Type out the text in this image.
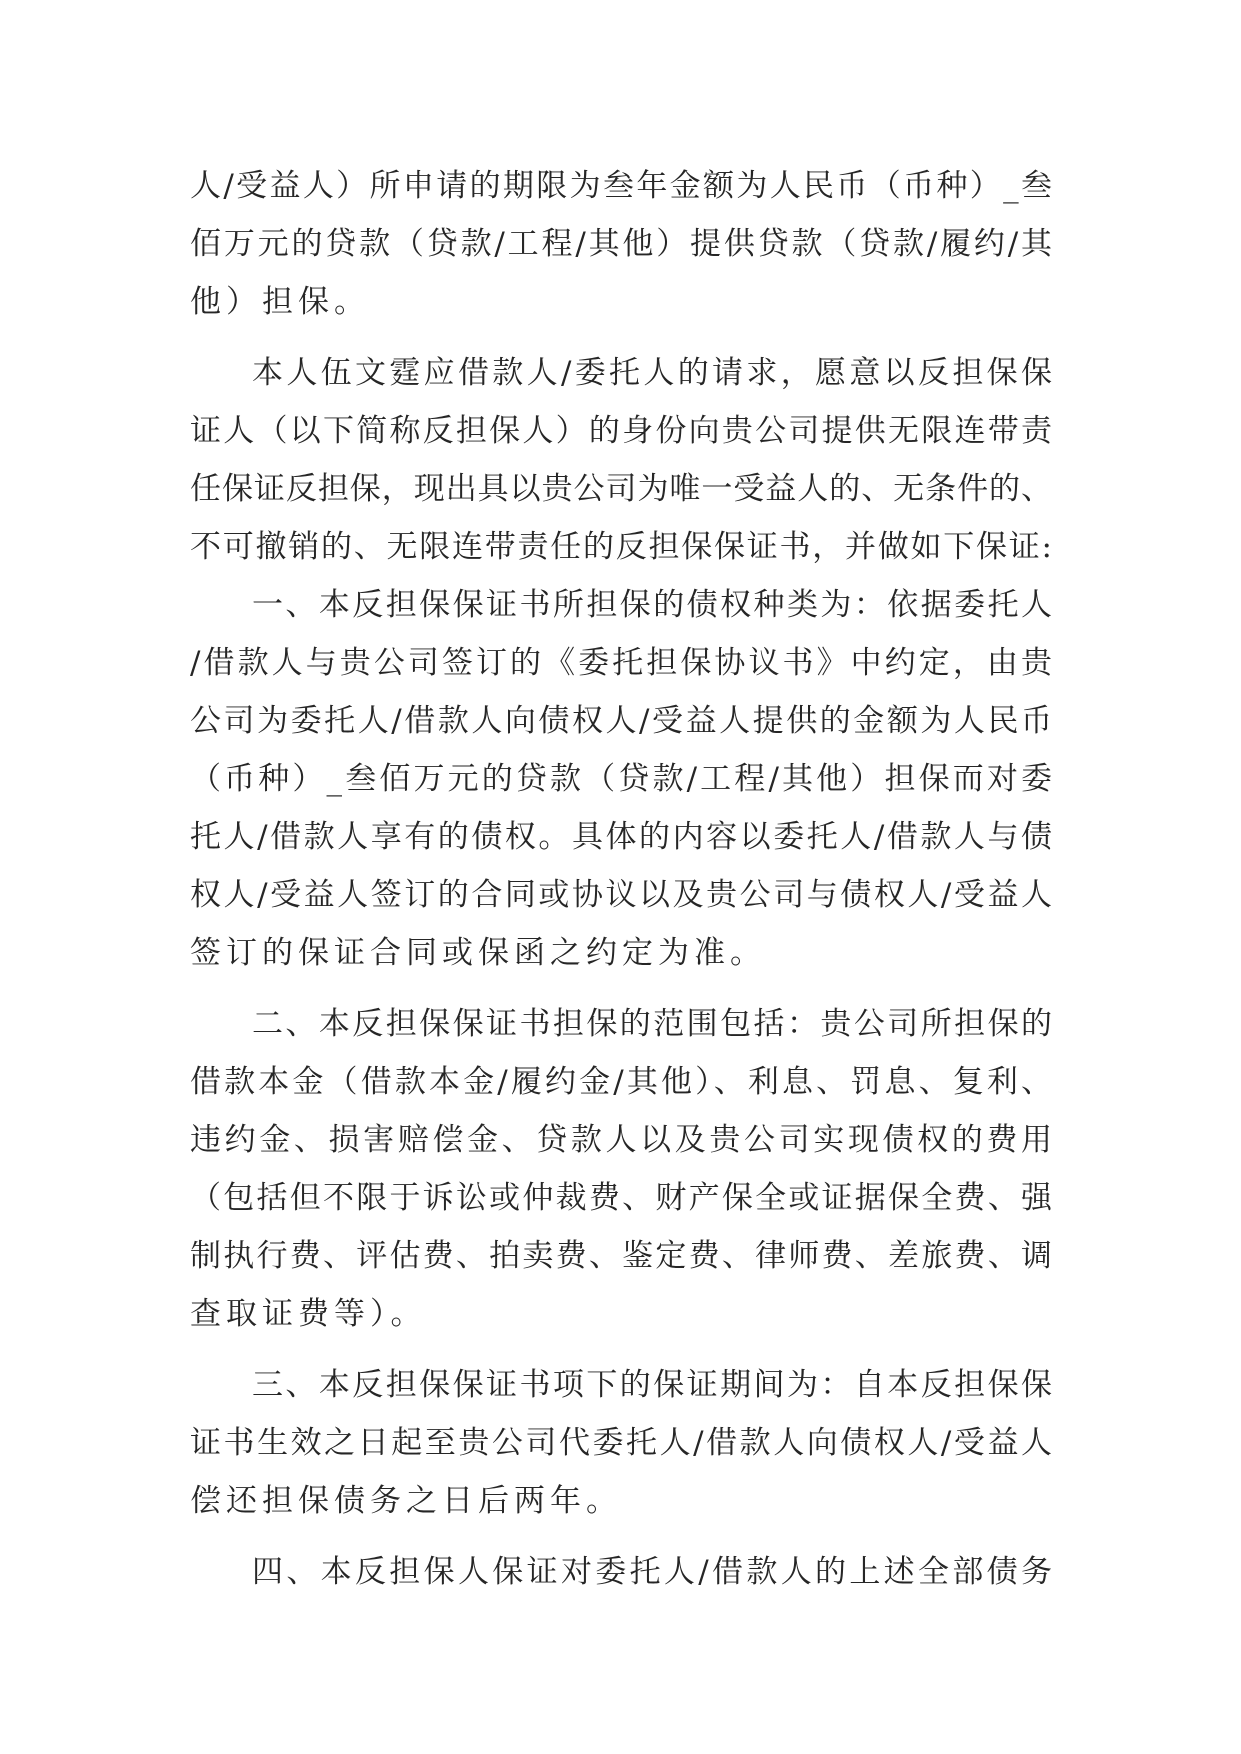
人/受益人）所申请的期限为叁年金额为人民币（币种）_叁
佰万元的贷款（贷款/工程/其他）提供贷款（贷款/履约/其
他）担保。
本人伍文霆应借款人/委托人的请求，愿意以反担保保
证人（以下简称反担保人）的身份向贵公司提供无限连带责
任保证反担保，现出具以贵公司为唯一受益人的、无条件的、
不可撤销的、无限连带责任的反担保保证书，并做如下保证:
一、本反担保保证书所担保的债权种类为：依据委托人
/借款人与贵公司签订的《委托担保协议书》中约定，由贵
公司为委托人/借款人向债权人/受益人提供的金额为人民币
（币种）_叁佰万元的贷款（贷款/工程/其他）担保而对委
托人/借款人享有的债权。具体的内容以委托人/借款人与债
权人/受益人签订的合同或协议以及贵公司与债权人/受益人
签订的保证合同或保函之约定为准。
二、本反担保保证书担保的范围包括：贵公司所担保的
借款本金（借款本金/履约金/其他）、利息、罚息、复利、
违约金、损害赔偿金、贷款人以及贵公司实现债权的费用
（包括但不限于诉讼或仲裁费、财产保全或证据保全费、强
制执行费、评估费、拍卖费、鉴定费、律师费、差旅费、调
查取证费等）。
三、本反担保保证书项下的保证期间为：自本反担保保
证书生效之日起至贵公司代委托人/借款人向债权人/受益人
偿还担保债务之日后两年。
四、本反担保人保证对委托人/借款人的上述全部债务
